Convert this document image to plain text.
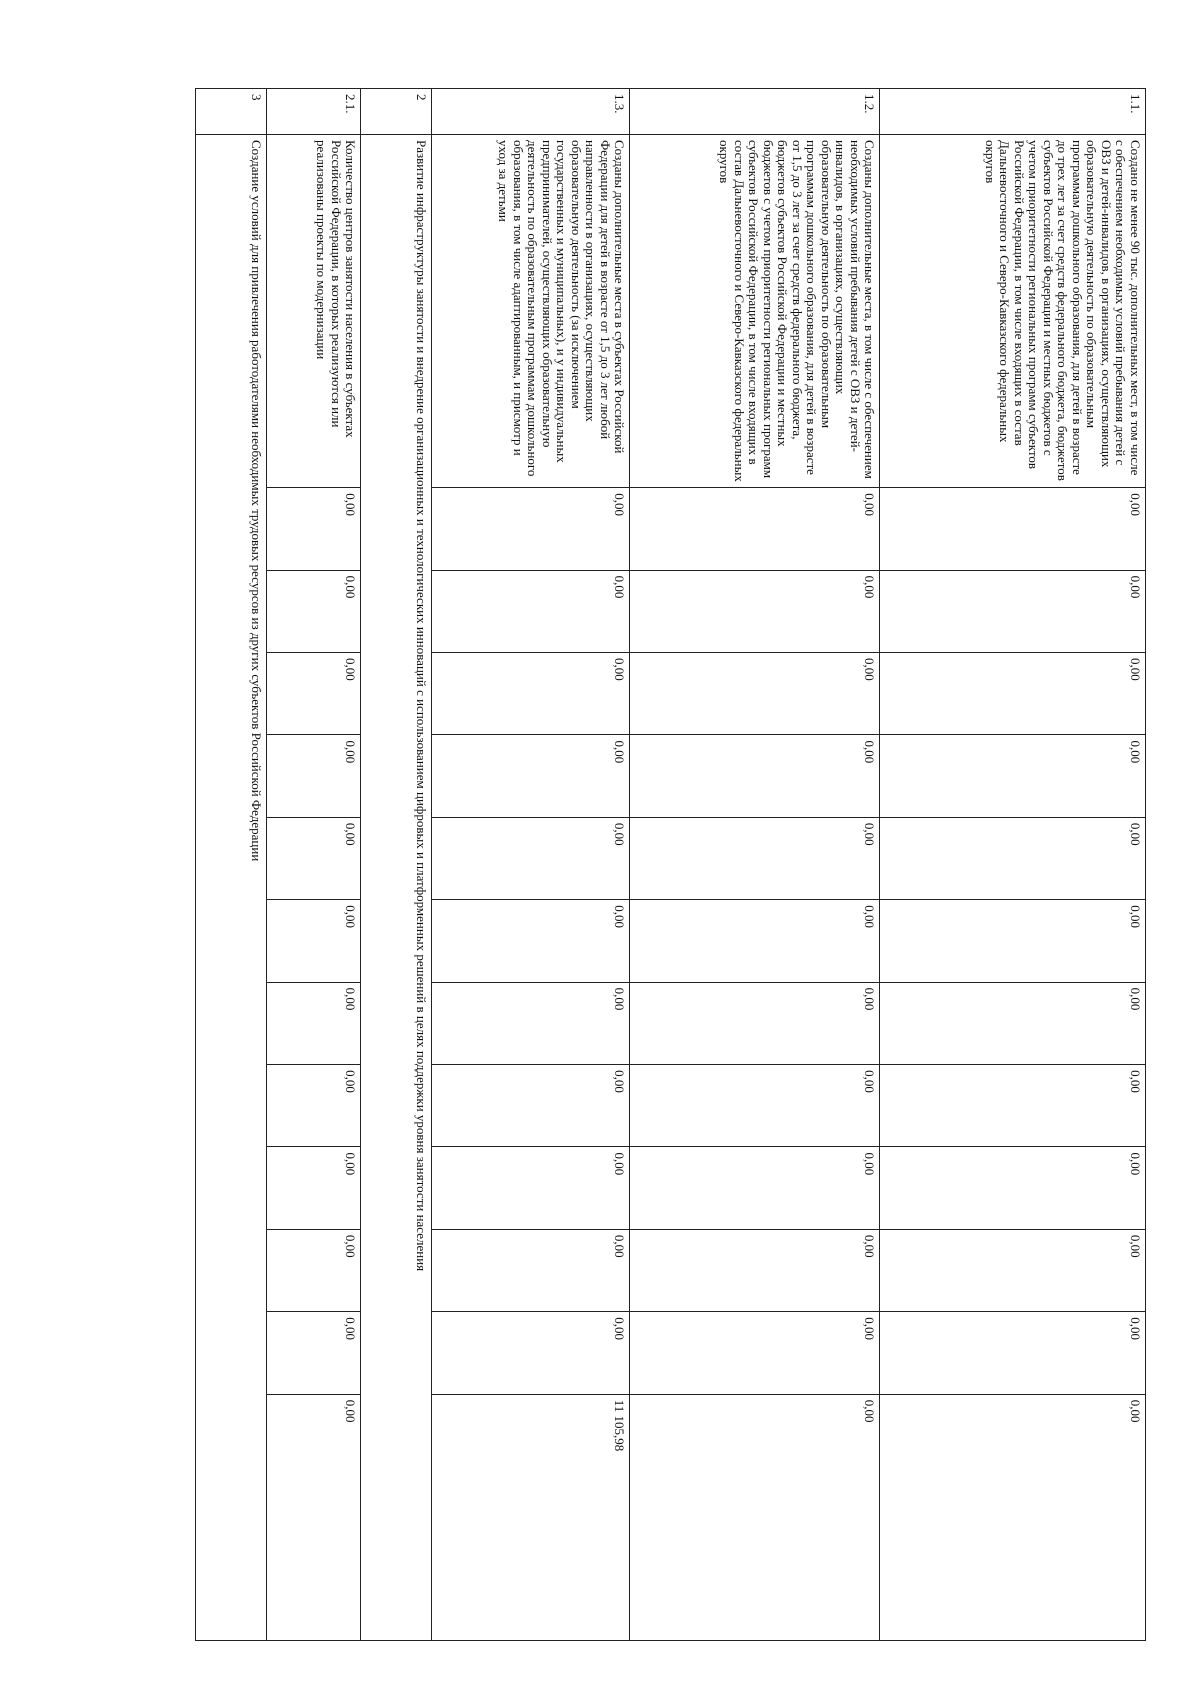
1.1.	Создано не менее 90 тыс. дополнительных мест, в том числе с обеспечением необходимых условий пребывания детей с ОВЗ и детей-инвалидов, в организациях, осуществляющих образовательную деятельность по образовательным программам дошкольного образования, для детей в возрасте до трех лет за счет средств федерального бюджета, бюджетов субъектов Российской Федерации и местных бюджетов с учетом приоритетности региональных программ субъектов Российской Федерации, в том числе входящих в состав Дальневосточного и Северо-Кавказского федеральных округов	0,00	0,00	0,00	0,00	0,00	0,00	0,00	0,00	0,00	0,00	0,00	0,00
1.2.	Созданы дополнительные места, в том числе с обеспечением необходимых условий пребывания детей с ОВЗ и детей-инвалидов, в организациях, осуществляющих образовательную деятельность по образовательным программам дошкольного образования, для детей в возрасте от 1,5 до 3 лет за счет средств федерального бюджета, бюджетов субъектов Российской Федерации и местных бюджетов с учетом приоритетности региональных программ субъектов Российской Федерации, в том числе входящих в состав Дальневосточного и Северо-Кавказского федеральных округов	0,00	0,00	0,00	0,00	0,00	0,00	0,00	0,00	0,00	0,00	0,00	0,00
1.3.	Созданы дополнительные места в субъектах Российской Федерации для детей в возрасте от 1,5 до 3 лет любой направленности в организациях, осуществляющих образовательную деятельность (за исключением государственных и муниципальных), и у индивидуальных предпринимателей, осуществляющих образовательную деятельность по образовательным программам дошкольного образования, в том числе адаптированным, и присмотр и уход за детьми	0,00	0,00	0,00	0,00	0,00	0,00	0,00	0,00	0,00	0,00	0,00	11 105,98
2	Развитие инфраструктуры занятости и внедрение организационных и технологических инноваций с использованием цифровых и платформенных решений в целях поддержки уровня занятости населения												
2.1.	Количество центров занятости населения в субъектах Российской Федерации, в которых реализуются или реализованы проекты по модернизации	0,00	0,00	0,00	0,00	0,00	0,00	0,00	0,00	0,00	0,00	0,00	0,00
3	Создание условий для привлечения работодателями необходимых трудовых ресурсов из других субъектов Российской Федерации												
